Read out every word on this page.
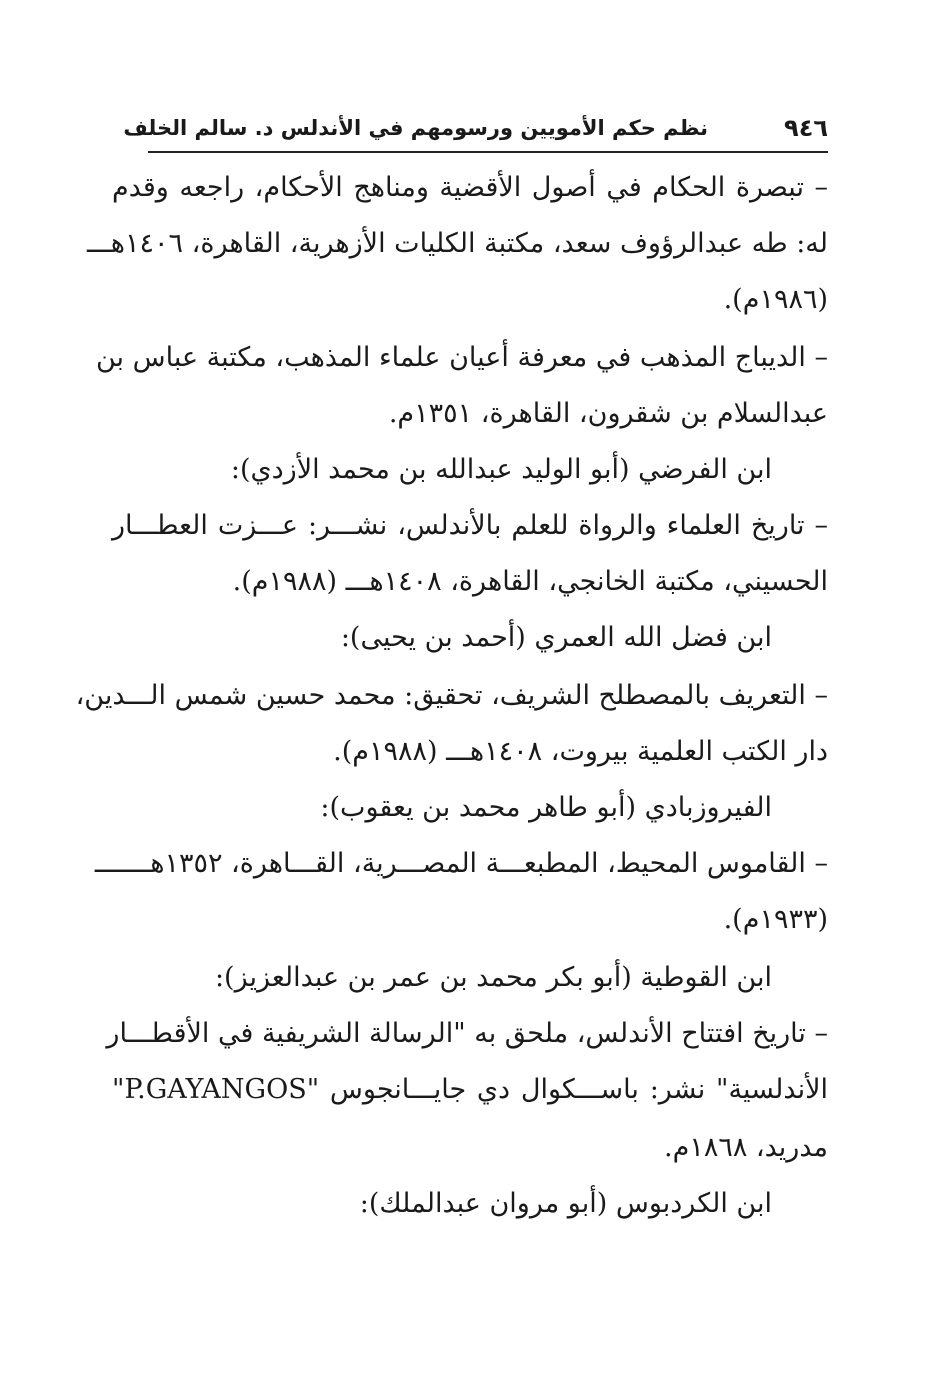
٩٤٦
نظم حكم الأمويين ورسومهم في الأندلس د. سالم الخلف
– تبصرة الحكام في أصول الأقضية ومناهج الأحكام، راجعه وقدم
له: طه عبدالرؤوف سعد، مكتبة الكليات الأزهرية، القاهرة، ١٤٠٦هـــ
(١٩٨٦م).
– الديباج المذهب في معرفة أعيان علماء المذهب، مكتبة عباس بن
عبدالسلام بن شقرون، القاهرة، ١٣٥١م.
ابن الفرضي (أبو الوليد عبدالله بن محمد الأزدي):
– تاريخ العلماء والرواة للعلم بالأندلس، نشـــر: عـــزت العطـــار
الحسيني، مكتبة الخانجي، القاهرة، ١٤٠٨هـــ (١٩٨٨م).
ابن فضل الله العمري (أحمد بن يحيى):
– التعريف بالمصطلح الشريف، تحقيق: محمد حسين شمس الـــدين،
دار الكتب العلمية بيروت، ١٤٠٨هـــ (١٩٨٨م).
الفيروزبادي (أبو طاهر محمد بن يعقوب):
– القاموس المحيط، المطبعـــة المصـــرية، القـــاهرة، ١٣٥٢هـــــــ
(١٩٣٣م).
ابن القوطية (أبو بكر محمد بن عمر بن عبدالعزيز):
– تاريخ افتتاح الأندلس، ملحق به "الرسالة الشريفية في الأقطـــار
الأندلسية" نشر: باســـكوال دي جايـــانجوس "P.GAYANGOS"
مدريد، ١٨٦٨م.
ابن الكردبوس (أبو مروان عبدالملك):
